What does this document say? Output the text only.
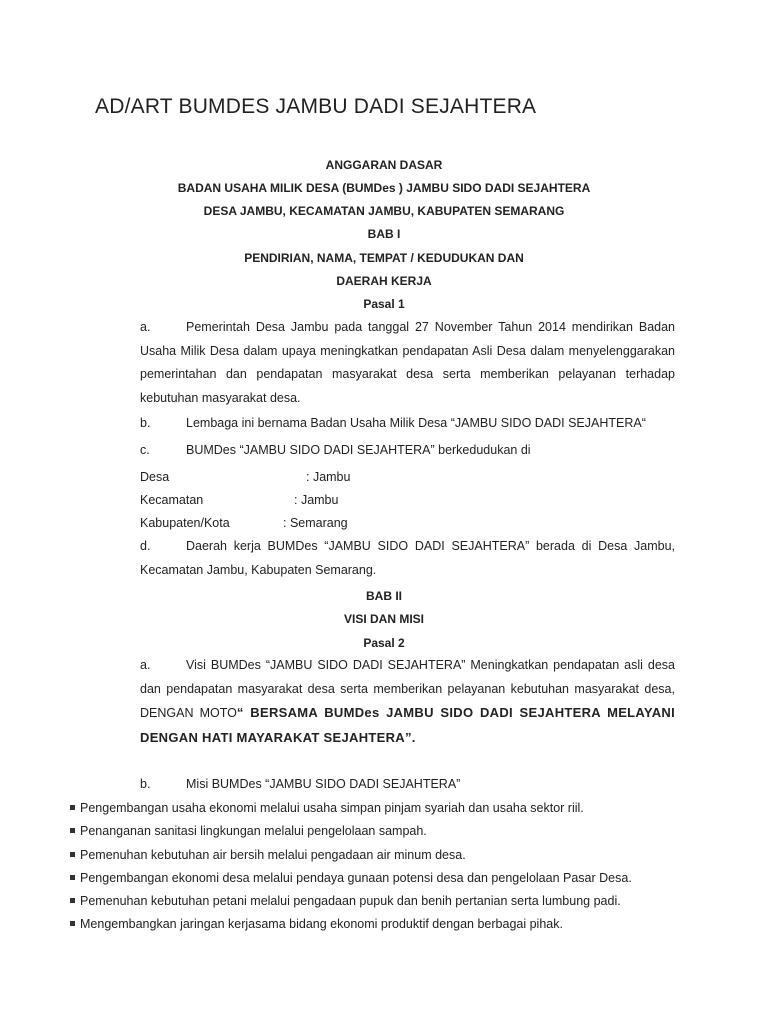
AD/ART BUMDES JAMBU DADI SEJAHTERA
ANGGARAN DASAR
BADAN USAHA MILIK DESA (BUMDes ) JAMBU SIDO DADI SEJAHTERA
DESA JAMBU, KECAMATAN JAMBU, KABUPATEN SEMARANG
BAB I
PENDIRIAN, NAMA, TEMPAT / KEDUDUKAN DAN
DAERAH KERJA
Pasal 1
a.	Pemerintah Desa Jambu pada tanggal 27 November Tahun 2014 mendirikan Badan Usaha Milik Desa dalam upaya meningkatkan pendapatan Asli Desa dalam menyelenggarakan pemerintahan dan pendapatan masyarakat desa serta memberikan pelayanan terhadap kebutuhan masyarakat desa.
b.	Lembaga ini bernama Badan Usaha Milik Desa “JAMBU SIDO DADI SEJAHTERA“
c.	BUMDes “JAMBU SIDO DADI SEJAHTERA” berkedudukan di
Desa	: Jambu
Kecamatan	: Jambu
Kabupaten/Kota	: Semarang
d.	Daerah kerja BUMDes “JAMBU SIDO DADI SEJAHTERA” berada di Desa Jambu, Kecamatan Jambu, Kabupaten Semarang.
BAB II
VISI DAN MISI
Pasal 2
a.	Visi BUMDes “JAMBU SIDO DADI SEJAHTERA” Meningkatkan pendapatan asli desa dan pendapatan masyarakat desa serta memberikan pelayanan kebutuhan masyarakat desa, DENGAN MOTO“ BERSAMA BUMDes JAMBU SIDO DADI SEJAHTERA MELAYANI DENGAN HATI MAYARAKAT SEJAHTERA”.
b.	Misi BUMDes “JAMBU SIDO DADI SEJAHTERA”
Pengembangan usaha ekonomi melalui usaha simpan pinjam syariah dan usaha sektor riil.
Penanganan sanitasi lingkungan melalui pengelolaan sampah.
Pemenuhan kebutuhan air bersih melalui pengadaan air minum desa.
Pengembangan ekonomi desa melalui pendaya gunaan potensi desa dan pengelolaan Pasar Desa.
Pemenuhan kebutuhan petani melalui pengadaan pupuk dan benih pertanian serta lumbung padi.
Mengembangkan jaringan kerjasama bidang ekonomi produktif dengan berbagai pihak.
